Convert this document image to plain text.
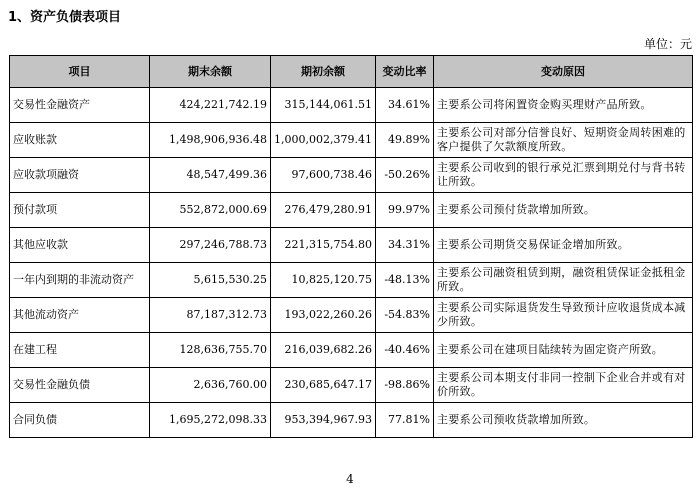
1、资产负债表项目
单位：元
项目	期末余额	期初余额	变动比率	变动原因
交易性金融资产	424,221,742.19	315,144,061.51	34.61%	主要系公司将闲置资金购买理财产品所致。
应收账款	1,498,906,936.48	1,000,002,379.41	49.89%	主要系公司对部分信誉良好、短期资金周转困难的客户提供了欠款额度所致。
应收款项融资	48,547,499.36	97,600,738.46	-50.26%	主要系公司收到的银行承兑汇票到期兑付与背书转让所致。
预付款项	552,872,000.69	276,479,280.91	99.97%	主要系公司预付货款增加所致。
其他应收款	297,246,788.73	221,315,754.80	34.31%	主要系公司期货交易保证金增加所致。
一年内到期的非流动资产	5,615,530.25	10,825,120.75	-48.13%	主要系公司融资租赁到期，融资租赁保证金抵租金所致。
其他流动资产	87,187,312.73	193,022,260.26	-54.83%	主要系公司实际退货发生导致预计应收退货成本减少所致。
在建工程	128,636,755.70	216,039,682.26	-40.46%	主要系公司在建项目陆续转为固定资产所致。
交易性金融负债	2,636,760.00	230,685,647.17	-98.86%	主要系公司本期支付非同一控制下企业合并或有对价所致。
合同负债	1,695,272,098.33	953,394,967.93	77.81%	主要系公司预收货款增加所致。
4
